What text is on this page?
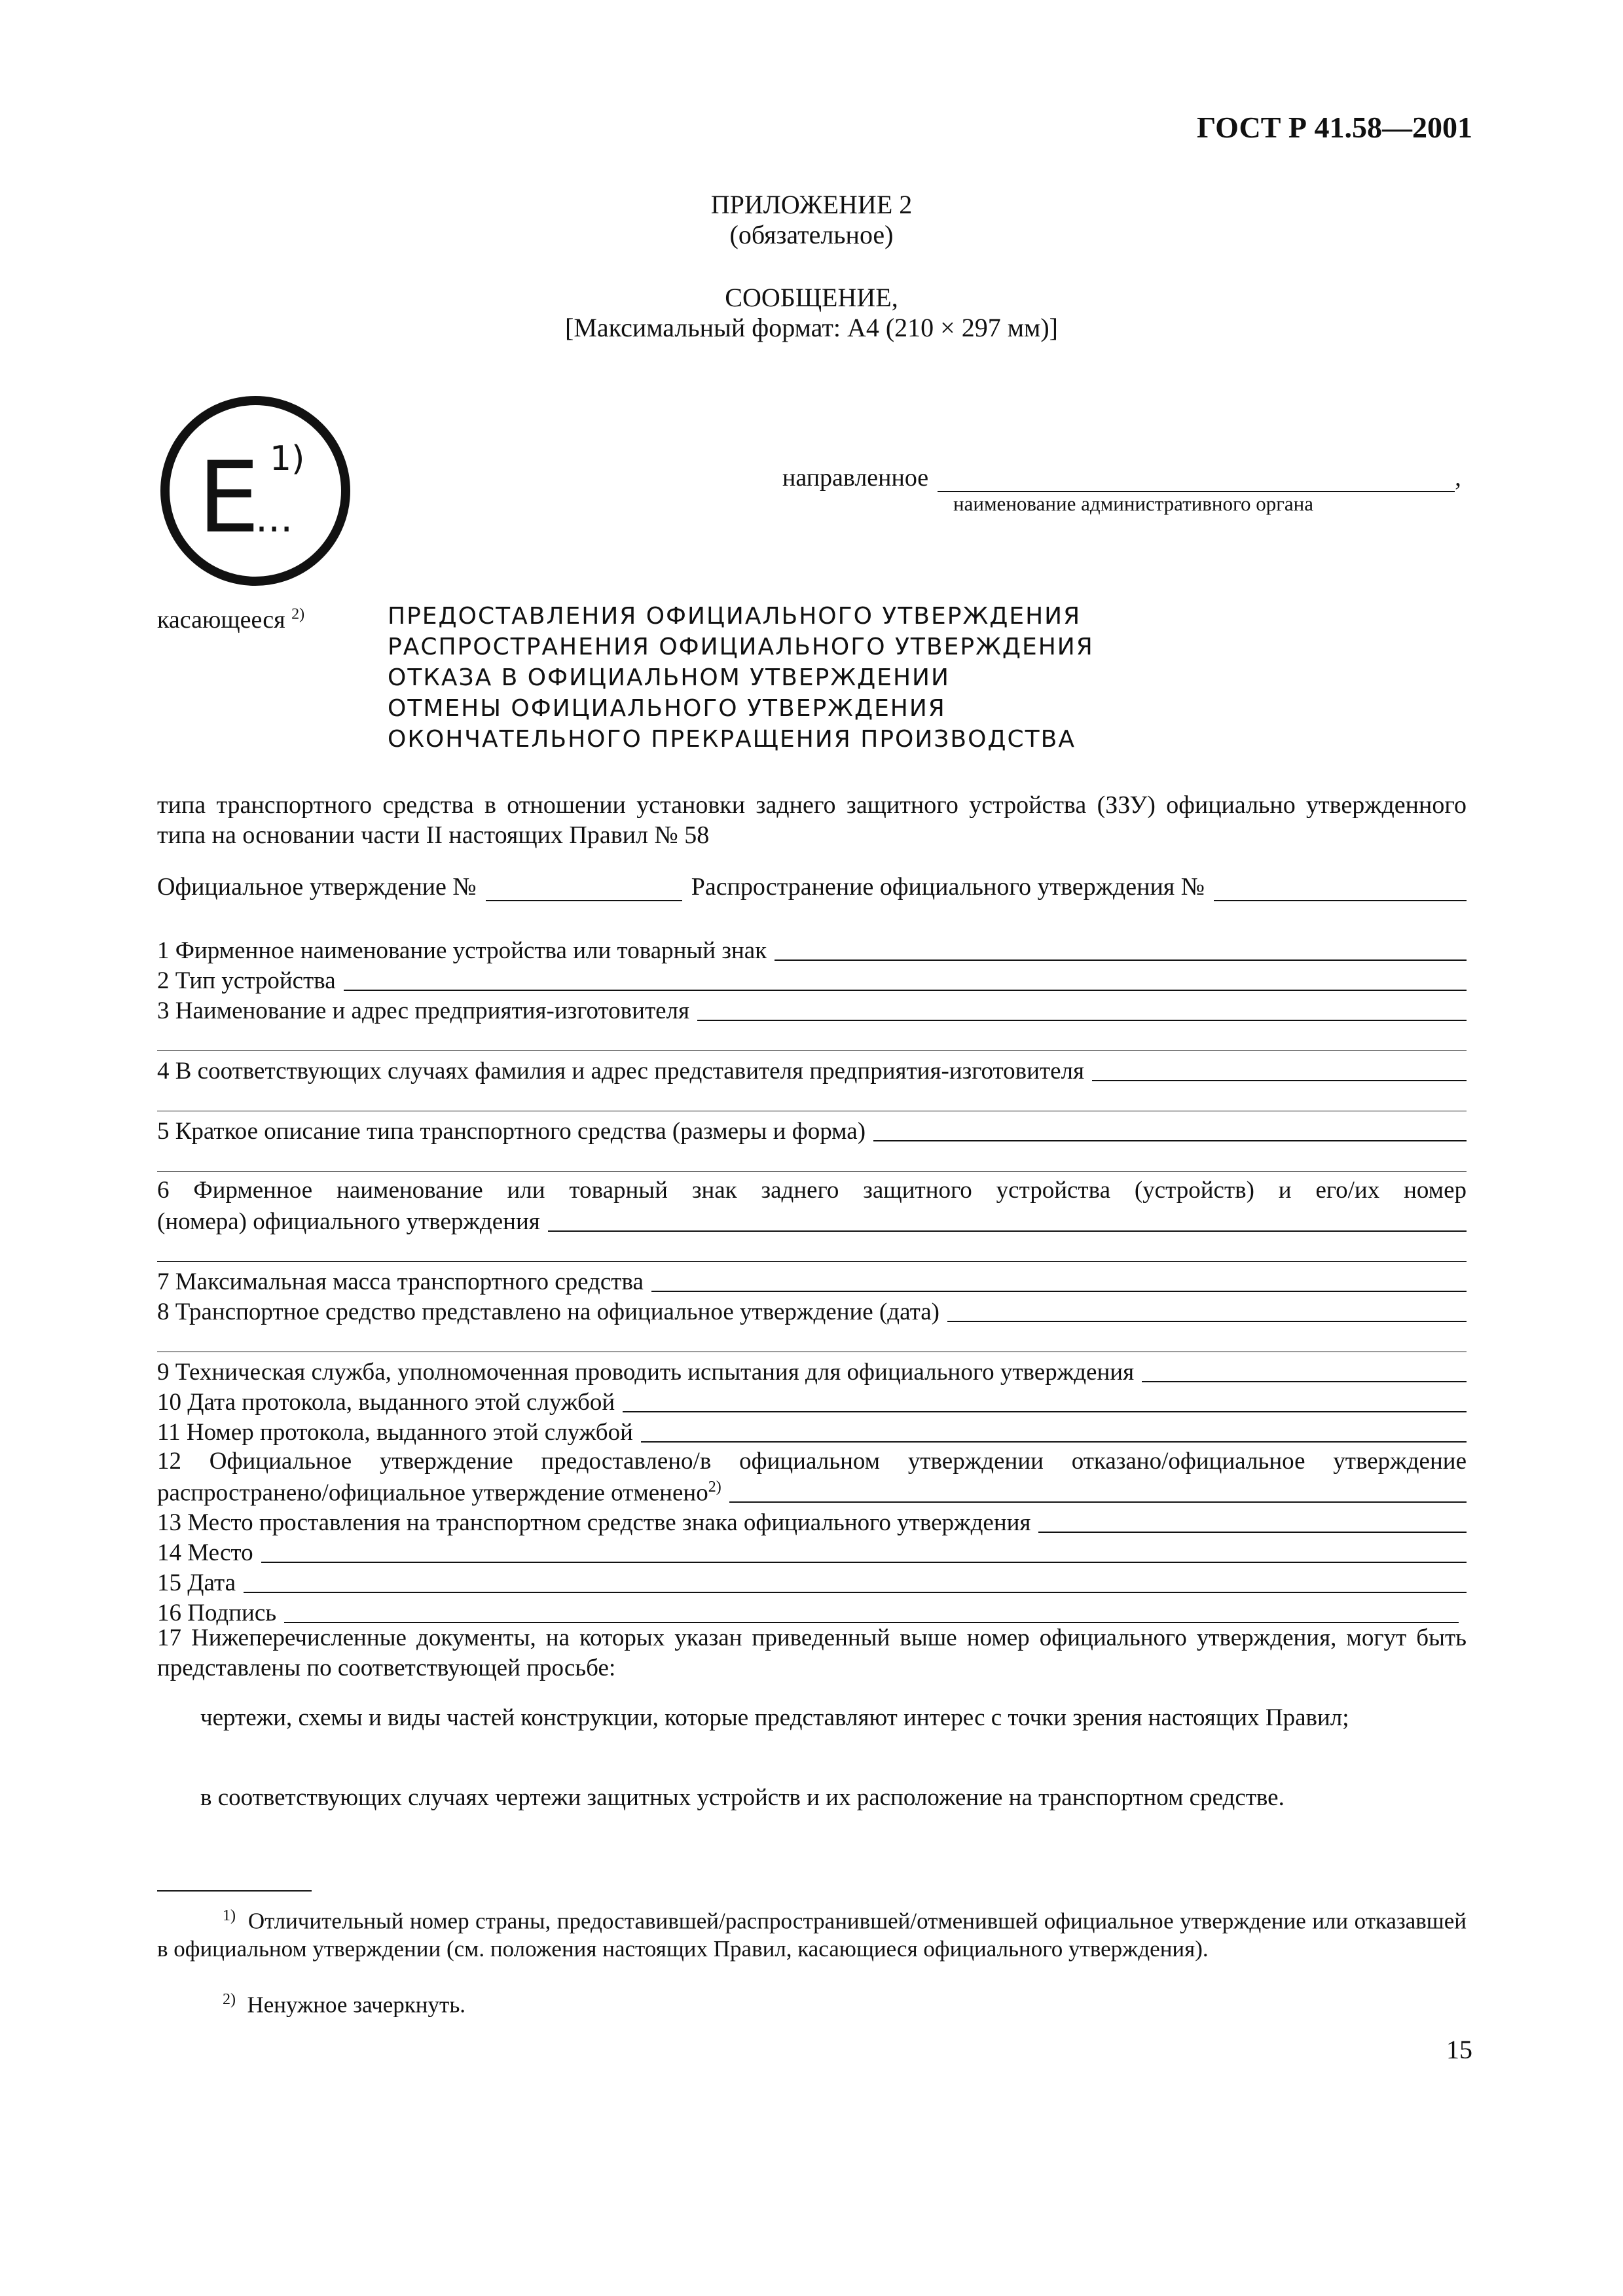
ГОСТ Р 41.58—2001
ПРИЛОЖЕНИЕ 2
(обязательное)
СООБЩЕНИЕ,
[Максимальный формат: A4 (210 × 297 мм)]
E
...
1)	направленное	,
наименование административного органа
касающееся $^{2)}$	ПРЕДОСТАВЛЕНИЯ ОФИЦИАЛЬНОГО УТВЕРЖДЕНИЯ
РАСПРОСТРАНЕНИЯ ОФИЦИАЛЬНОГО УТВЕРЖДЕНИЯ
ОТКАЗА В ОФИЦИАЛЬНОМ УТВЕРЖДЕНИИ
ОТМЕНЫ ОФИЦИАЛЬНОГО УТВЕРЖДЕНИЯ
ОКОНЧАТЕЛЬНОГО ПРЕКРАЩЕНИЯ ПРОИЗВОДСТВА
типа транспортного средства в отношении установки заднего защитного устройства (ЗЗУ) официально утвержденного типа на основании части II настоящих Правил № 58
Официальное утверждение №	Распространение официального утверждения №
1 Фирменное наименование устройства или товарный знак
2 Тип устройства
3 Наименование и адрес предприятия-изготовителя
4 В соответствующих случаях фамилия и адрес представителя предприятия-изготовителя
5 Краткое описание типа транспортного средства (размеры и форма)
6 Фирменное наименование или товарный знак заднего защитного устройства (устройств) и его/их номер
(номера) официального утверждения
7 Максимальная масса транспортного средства
8 Транспортное средство представлено на официальное утверждение (дата)
9 Техническая служба, уполномоченная проводить испытания для официального утверждения
10 Дата протокола, выданного этой службой
11 Номер протокола, выданного этой службой
12 Официальное утверждение предоставлено/в официальном утверждении отказано/официальное утверждение
распространено/официальное утверждение отменено$^{2)}$
13 Место проставления на транспортном средстве знака официального утверждения
14 Место
15 Дата
16 Подпись
17 Нижеперечисленные документы, на которых указан приведенный выше номер официального утверждения, могут быть представлены по соответствующей просьбе:
чертежи, схемы и виды частей конструкции, которые представляют интерес с точки зрения настоящих Правил;
в соответствующих случаях чертежи защитных устройств и их расположение на транспортном средстве.
$^{1)}$ Отличительный номер страны, предоставившей/распространившей/отменившей официальное утверждение или отказавшей в официальном утверждении (см. положения настоящих Правил, касающиеся официального утверждения).
$^{2)}$ Ненужное зачеркнуть.
15
